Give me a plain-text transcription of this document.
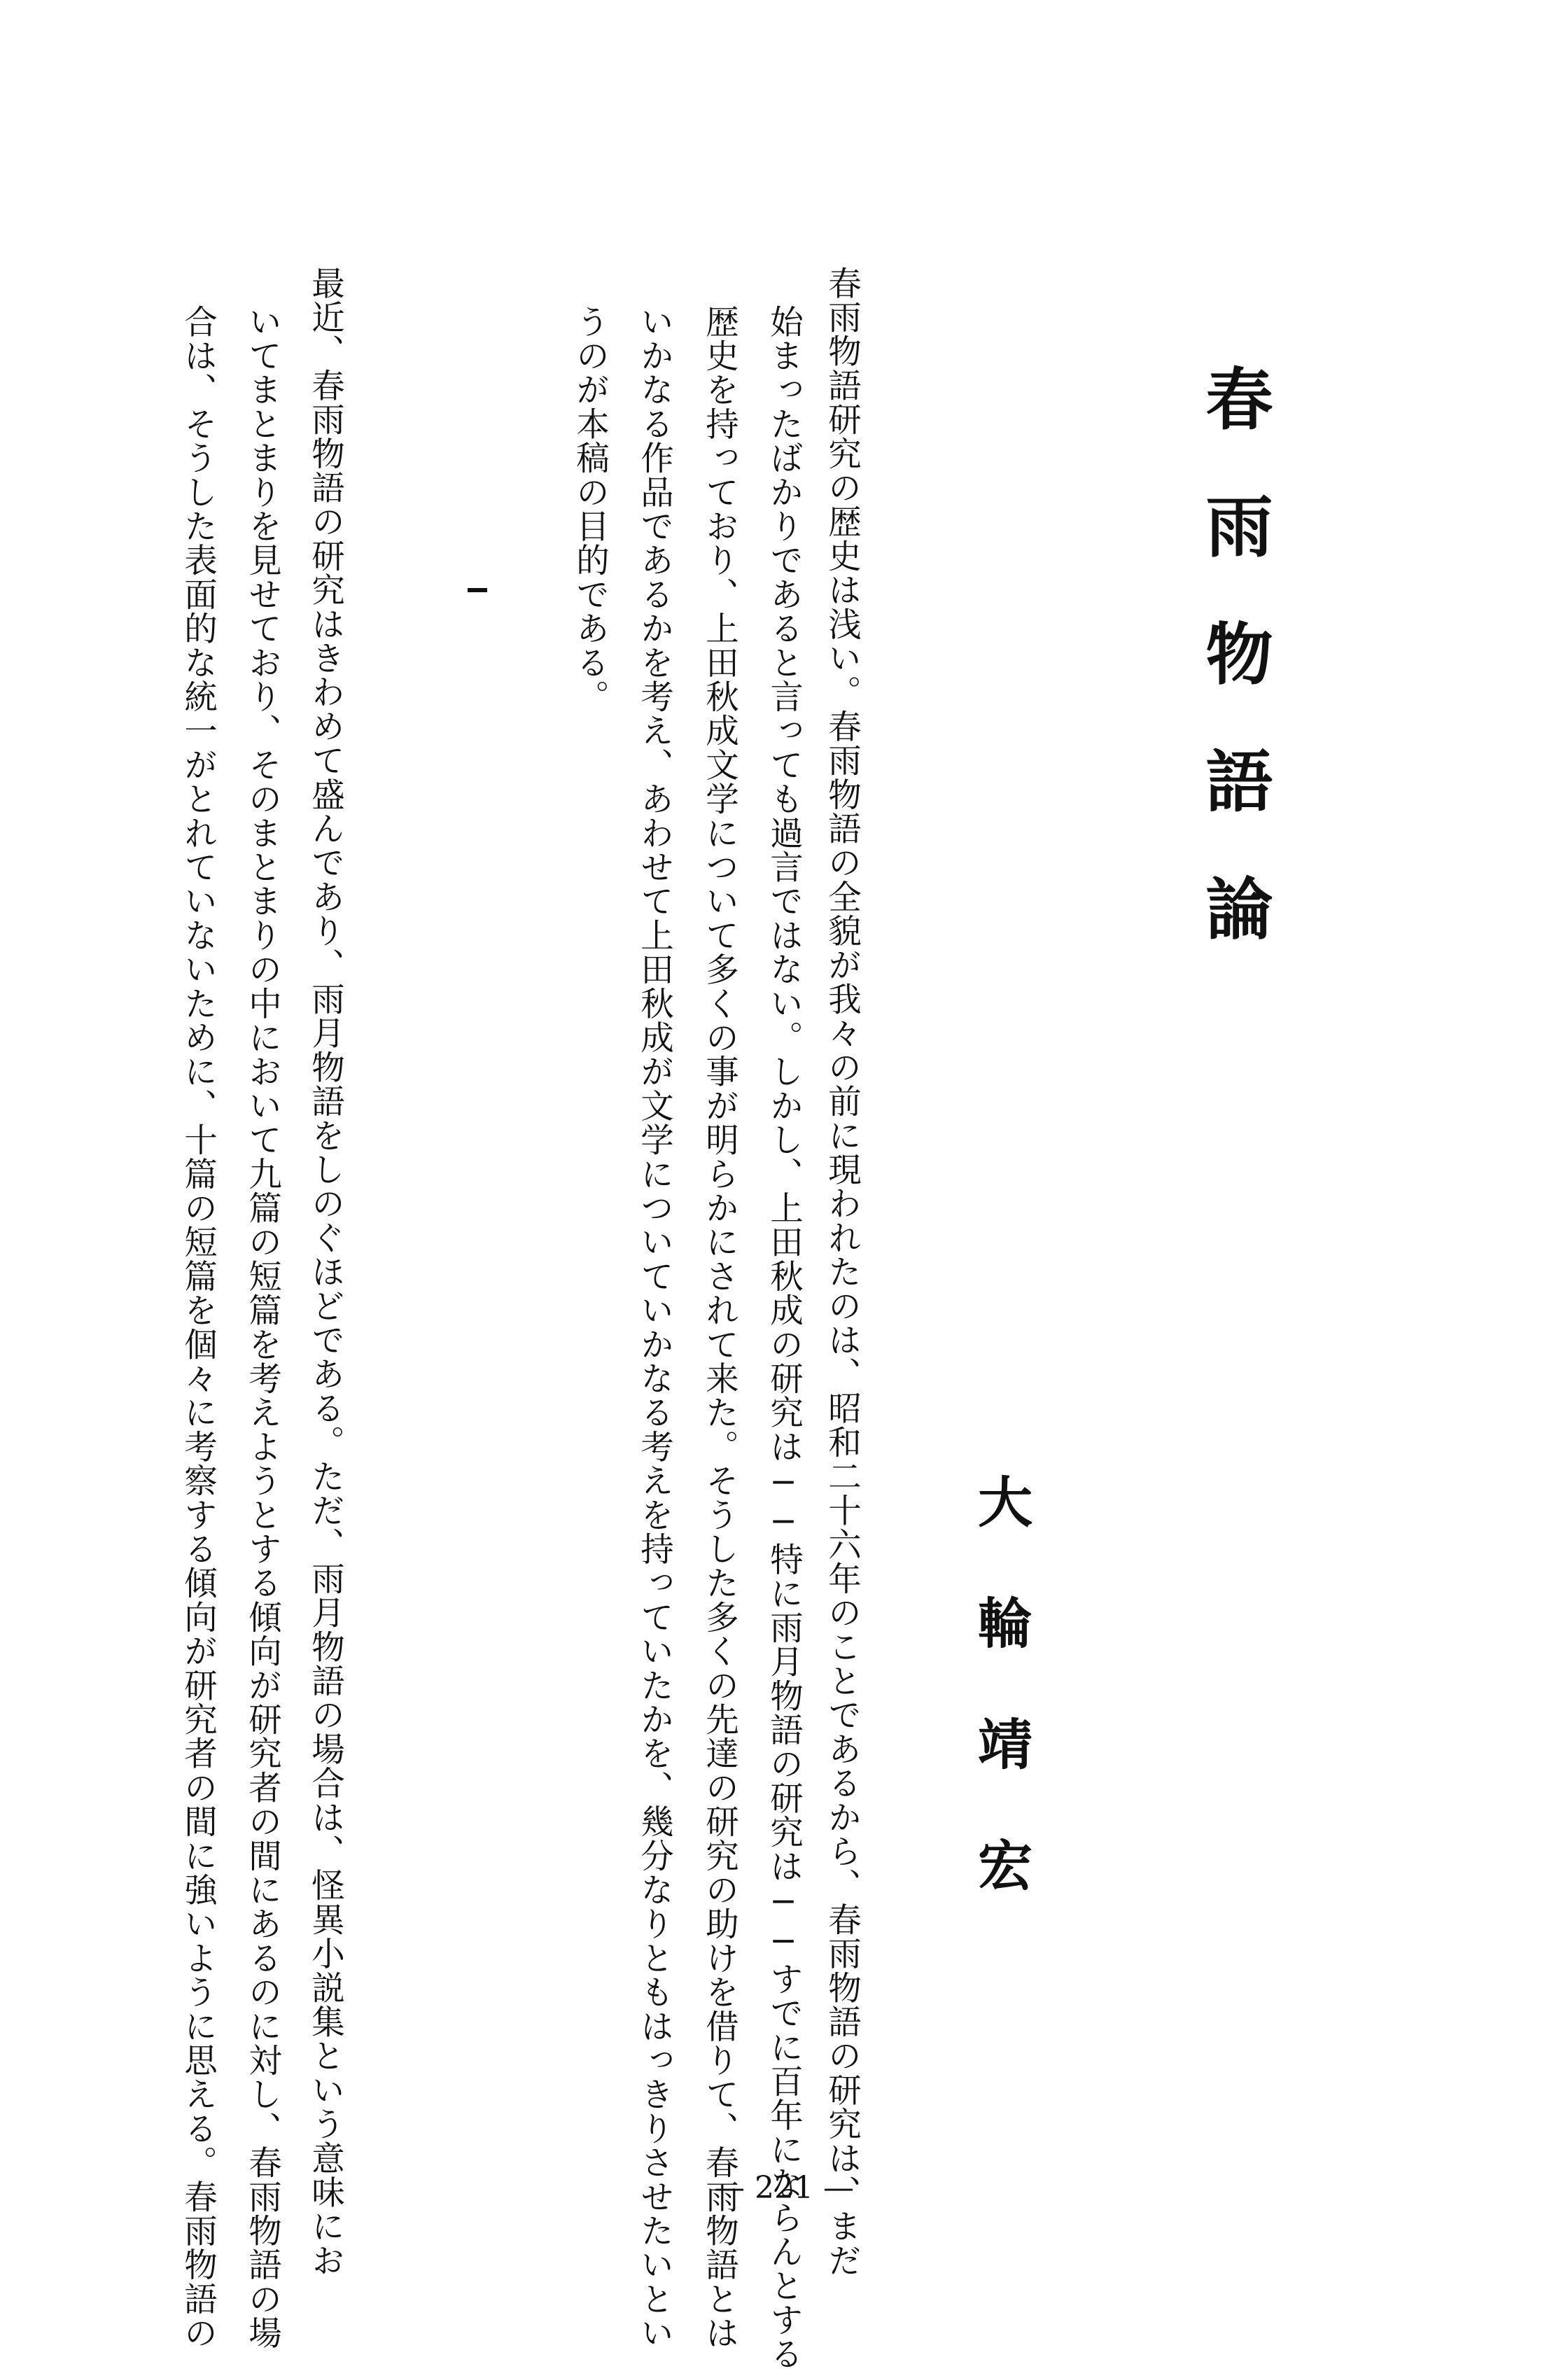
春雨物語論
大輪靖宏
春雨物語研究の歴史は浅い。春雨物語の全貌が我々の前に現われたのは、昭和二十六年のことであるから、春雨物語の研究は、まだ
始まったばかりであると言っても過言ではない。しかし、上田秋成の研究は──特に雨月物語の研究は──すでに百年にならんとする
歴史を持っており、上田秋成文学について多くの事が明らかにされて来た。そうした多くの先達の研究の助けを借りて、春雨物語とは
いかなる作品であるかを考え、あわせて上田秋成が文学についていかなる考えを持っていたかを、幾分なりともはっきりさせたいとい
うのが本稿の目的である。
最近、春雨物語の研究はきわめて盛んであり、雨月物語をしのぐほどである。ただ、雨月物語の場合は、怪異小説集という意味にお
いてまとまりを見せており、そのまとまりの中において九篇の短篇を考えようとする傾向が研究者の間にあるのに対し、春雨物語の場
合は、そうした表面的な統一がとれていないために、十篇の短篇を個々に考察する傾向が研究者の間に強いように思える。春雨物語の	— 221 —
